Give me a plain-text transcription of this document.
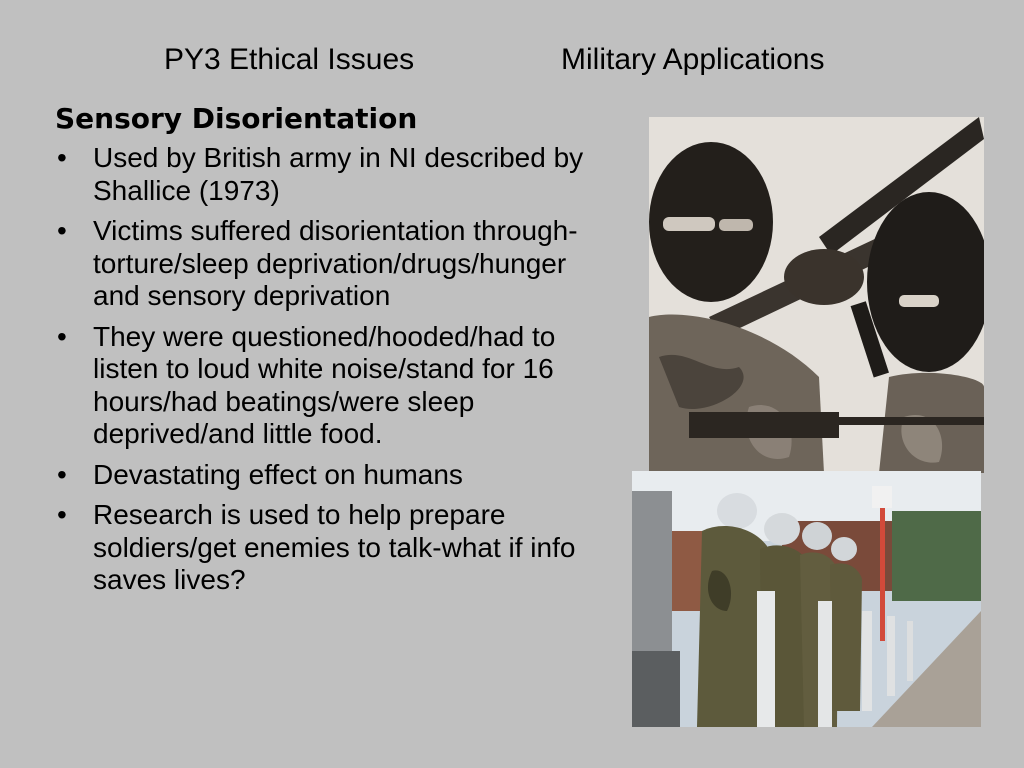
PY3 Ethical Issues	Military Applications
Sensory Disorientation
• Used by British army in NI described by Shallice (1973)
• Victims suffered disorientation through-torture/sleep deprivation/drugs/hunger and sensory deprivation
• They were questioned/hooded/had to listen to loud white noise/stand for 16 hours/had beatings/were sleep deprived/and little food.
• Devastating effect on humans
• Research is used to help prepare soldiers/get enemies to talk-what if info saves lives?
